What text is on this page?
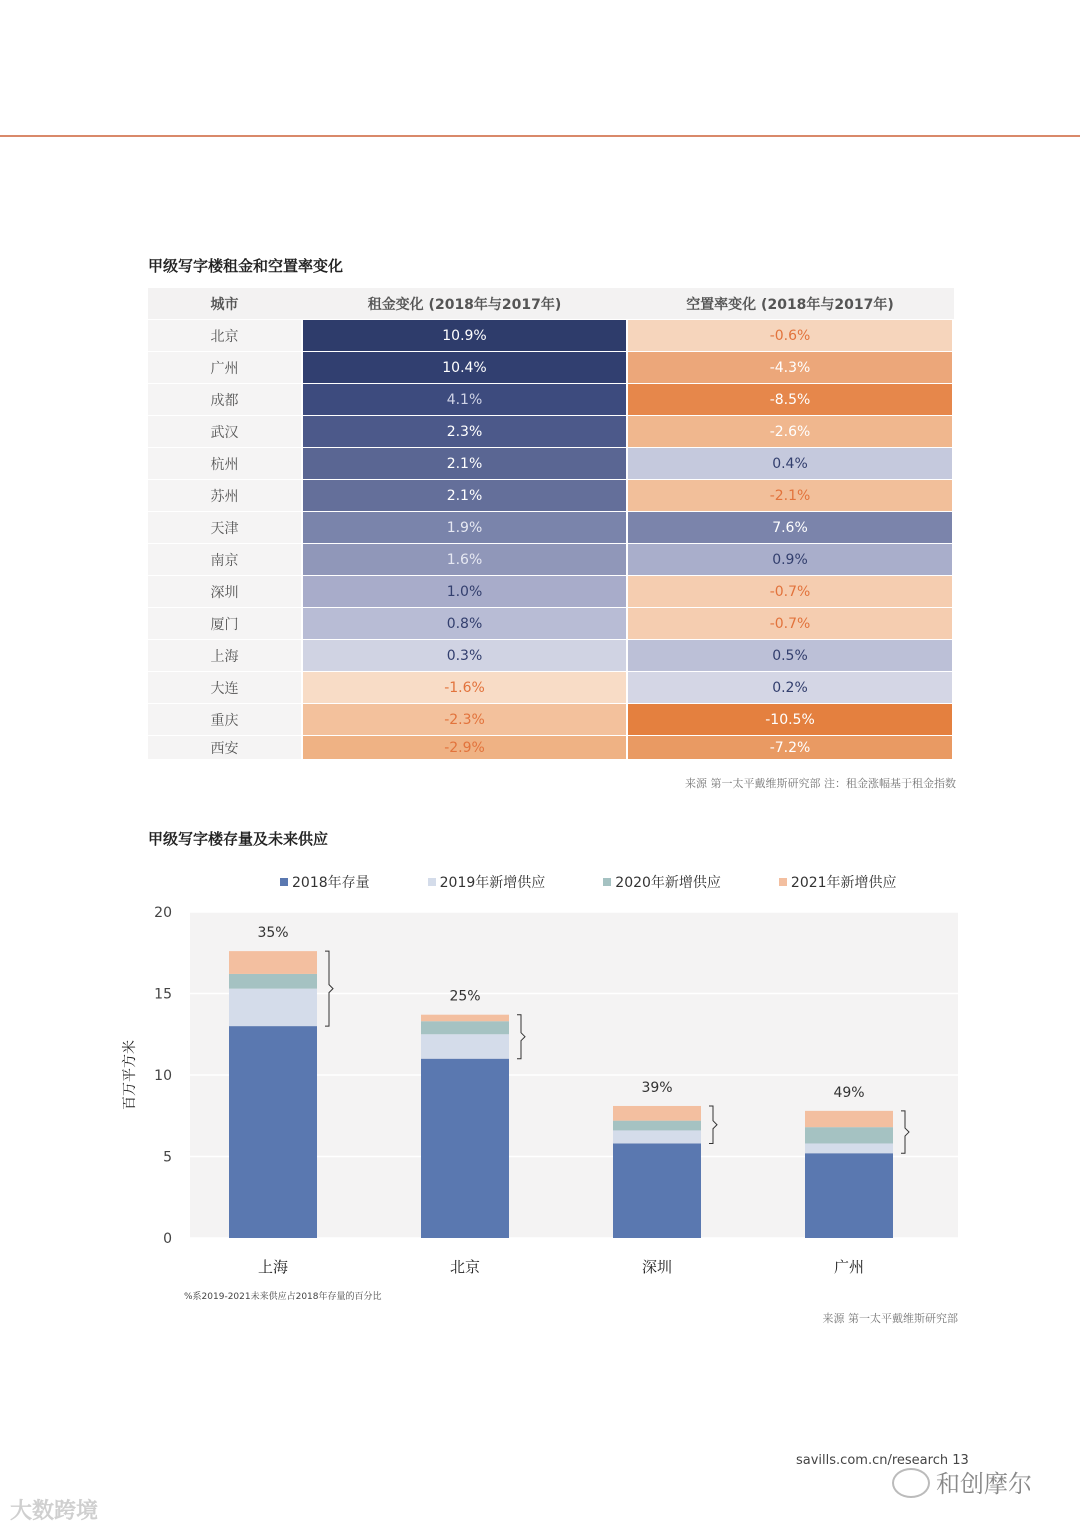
甲级写字楼租金和空置率变化
城市	租金变化 (2018年与2017年)	空置率变化 (2018年与2017年)
北京	10.9%	-0.6%
广州	10.4%	-4.3%
成都	4.1%	-8.5%
武汉	2.3%	-2.6%
杭州	2.1%	0.4%
苏州	2.1%	-2.1%
天津	1.9%	7.6%
南京	1.6%	0.9%
深圳	1.0%	-0.7%
厦门	0.8%	-0.7%
上海	0.3%	0.5%
大连	-1.6%	0.2%
重庆	-2.3%	-10.5%
西安	-2.9%	-7.2%
来源 第一太平戴维斯研究部 注：租金涨幅基于租金指数
甲级写字楼存量及未来供应
2018年存量	2019年新增供应	2020年新增供应	2021年新增供应
0
5
10
15
20
百万平方米
35%
上海
25%
北京
39%
深圳
49%
广州
%系2019-2021未来供应占2018年存量的百分比
来源 第一太平戴维斯研究部
savills.com.cn/research 13
和创摩尔
大数跨境
